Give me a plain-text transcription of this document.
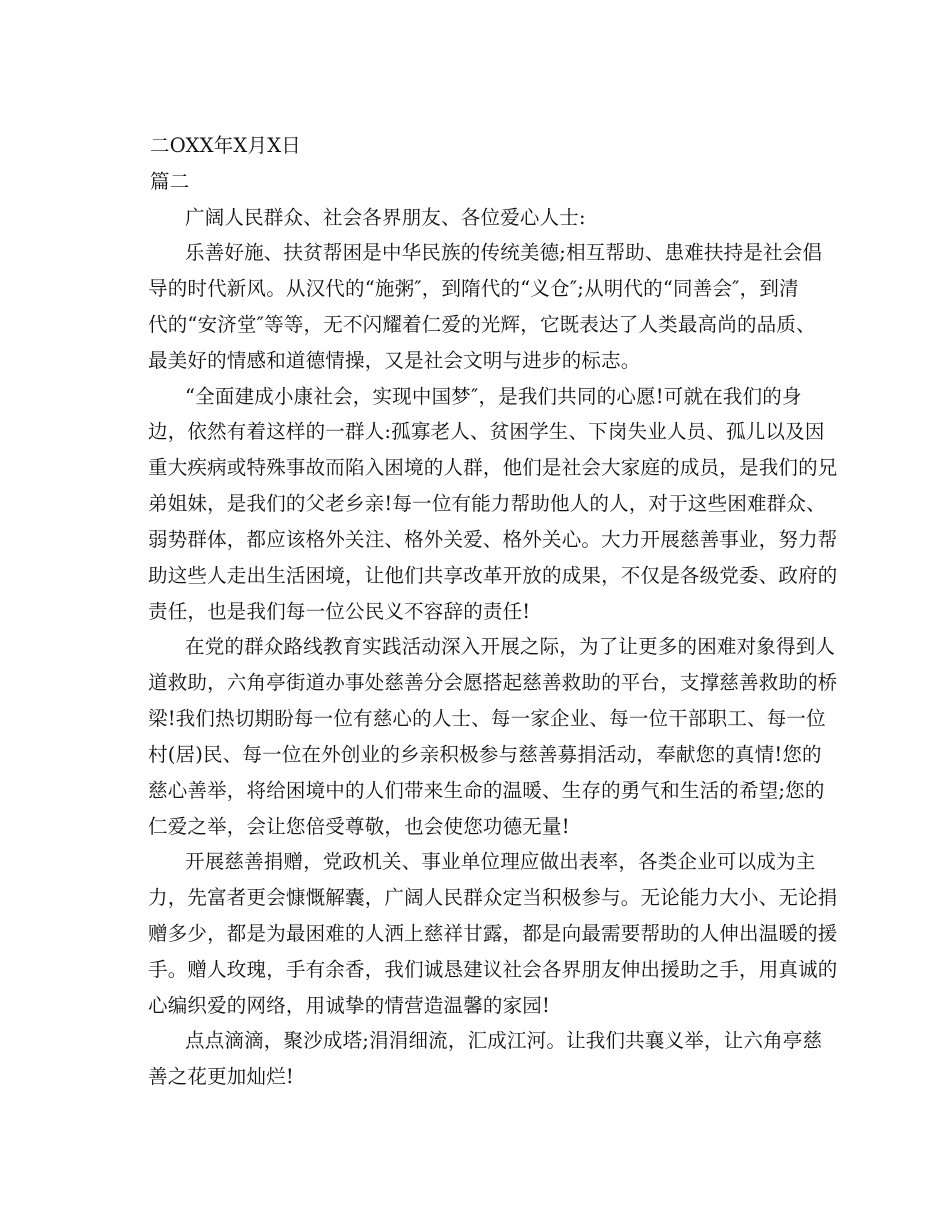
二OXX年X月X日
篇二
广阔人民群众、社会各界朋友、各位爱心人士:
乐善好施、扶贫帮困是中华民族的传统美德;相互帮助、患难扶持是社会倡
导的时代新风。从汉代的“施粥″，到隋代的“义仓″;从明代的“同善会″，到清
代的“安济堂″等等，无不闪耀着仁爱的光辉，它既表达了人类最高尚的品质、
最美好的情感和道德情操，又是社会文明与进步的标志。
“全面建成小康社会，实现中国梦″，是我们共同的心愿!可就在我们的身
边，依然有着这样的一群人:孤寡老人、贫困学生、下岗失业人员、孤儿以及因
重大疾病或特殊事故而陷入困境的人群，他们是社会大家庭的成员，是我们的兄
弟姐妹，是我们的父老乡亲!每一位有能力帮助他人的人，对于这些困难群众、
弱势群体，都应该格外关注、格外关爱、格外关心。大力开展慈善事业，努力帮
助这些人走出生活困境，让他们共享改革开放的成果，不仅是各级党委、政府的
责任，也是我们每一位公民义不容辞的责任!
在党的群众路线教育实践活动深入开展之际，为了让更多的困难对象得到人
道救助，六角亭街道办事处慈善分会愿搭起慈善救助的平台，支撑慈善救助的桥
梁!我们热切期盼每一位有慈心的人士、每一家企业、每一位干部职工、每一位
村(居)民、每一位在外创业的乡亲积极参与慈善募捐活动，奉献您的真情!您的
慈心善举，将给困境中的人们带来生命的温暖、生存的勇气和生活的希望;您的
仁爱之举，会让您倍受尊敬，也会使您功德无量!
开展慈善捐赠，党政机关、事业单位理应做出表率，各类企业可以成为主
力，先富者更会慷慨解囊，广阔人民群众定当积极参与。无论能力大小、无论捐
赠多少，都是为最困难的人洒上慈祥甘露，都是向最需要帮助的人伸出温暖的援
手。赠人玫瑰，手有余香，我们诚恳建议社会各界朋友伸出援助之手，用真诚的
心编织爱的网络，用诚挚的情营造温馨的家园!
点点滴滴，聚沙成塔;涓涓细流，汇成江河。让我们共襄义举，让六角亭慈
善之花更加灿烂!
